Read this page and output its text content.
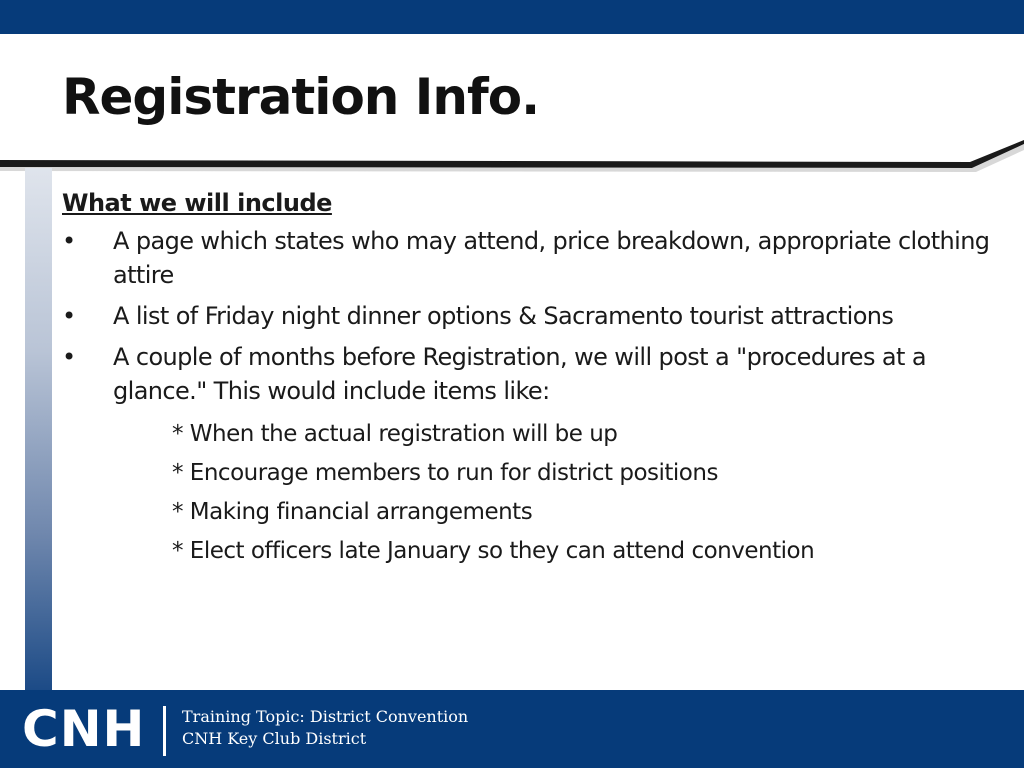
Registration Info.
What we will include
• A page which states who may attend, price breakdown, appropriate clothing attire
• A list of Friday night dinner options & Sacramento tourist attractions
• A couple of months before Registration, we will post a "procedures at a glance." This would include items like:
* When the actual registration will be up
* Encourage members to run for district positions
* Making financial arrangements
* Elect officers late January so they can attend convention
CNH Training Topic: District Convention
CNH Key Club District
